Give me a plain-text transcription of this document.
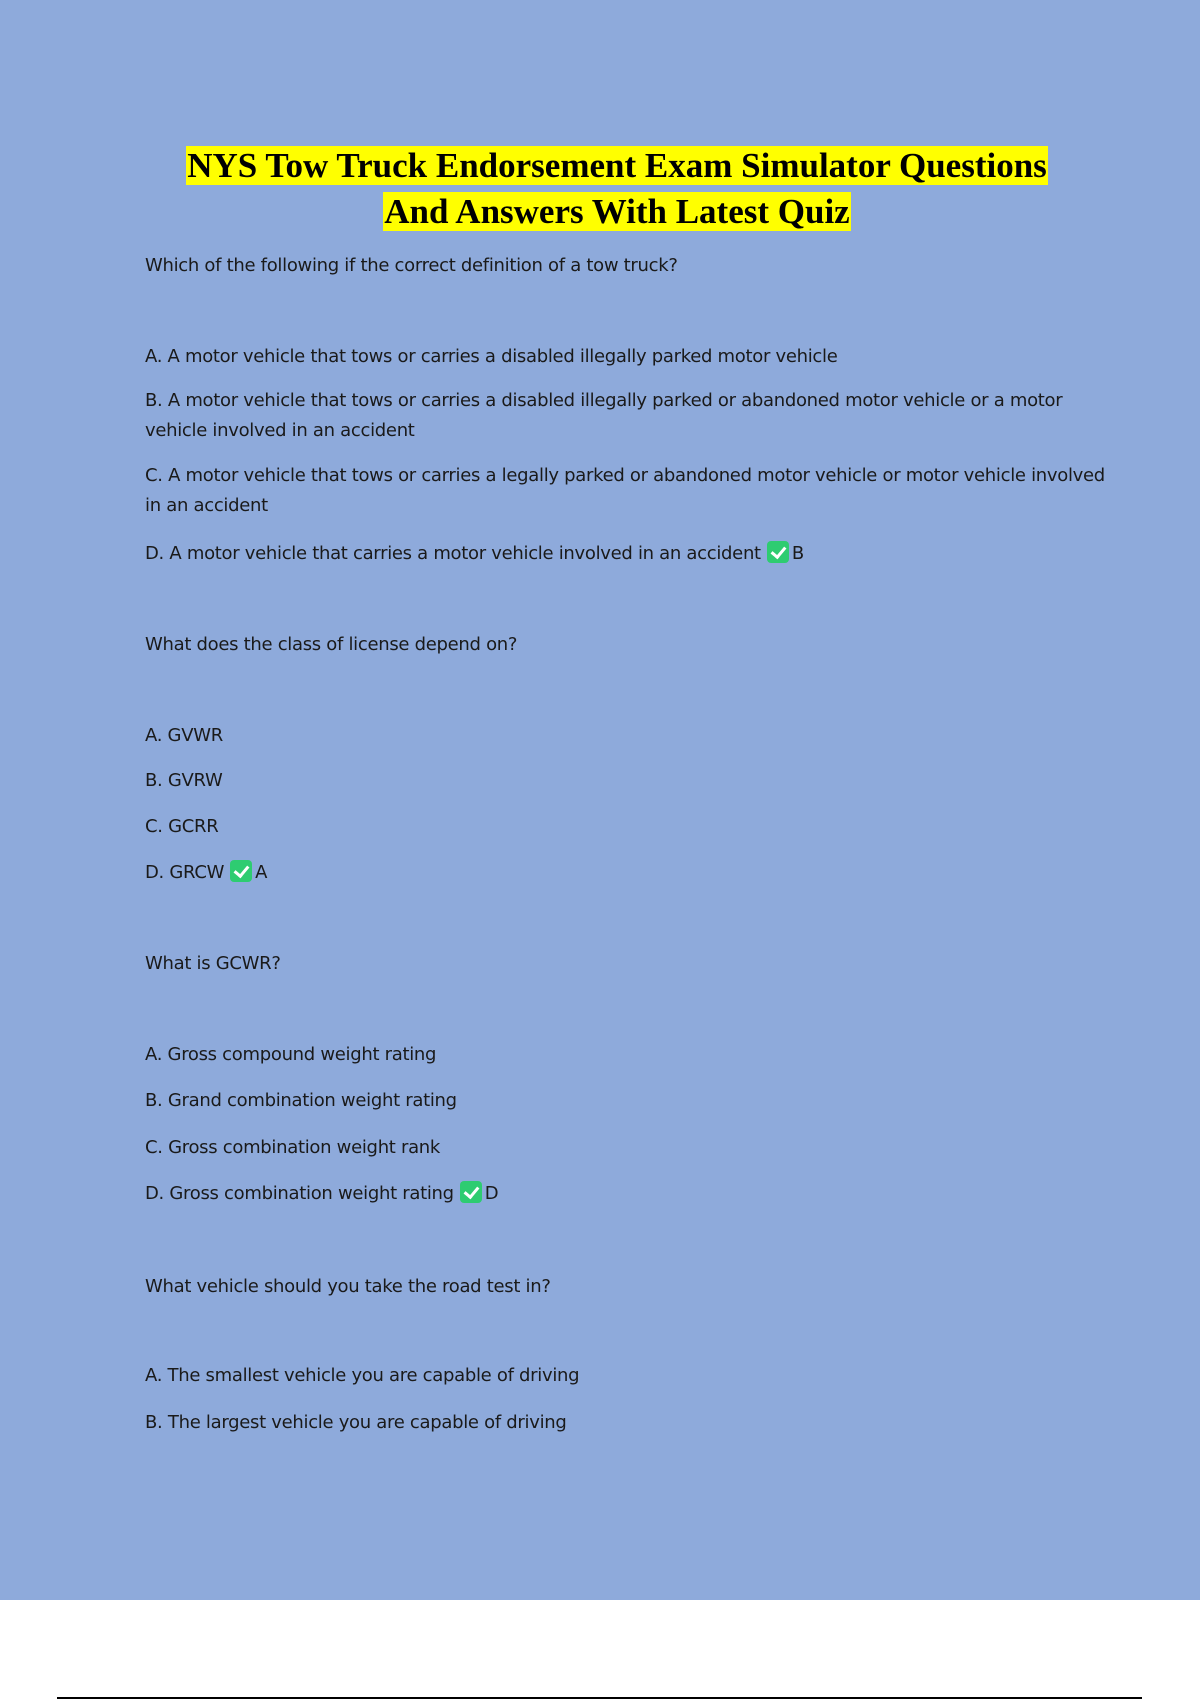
NYS Tow Truck Endorsement Exam Simulator Questions
And Answers With Latest Quiz
Which of the following if the correct definition of a tow truck?
A. A motor vehicle that tows or carries a disabled illegally parked motor vehicle
B. A motor vehicle that tows or carries a disabled illegally parked or abandoned motor vehicle or a motor vehicle involved in an accident
C. A motor vehicle that tows or carries a legally parked or abandoned motor vehicle or motor vehicle involved in an accident
D. A motor vehicle that carries a motor vehicle involved in an accident B
What does the class of license depend on?
A. GVWR
B. GVRW
C. GCRR
D. GRCW A
What is GCWR?
A. Gross compound weight rating
B. Grand combination weight rating
C. Gross combination weight rank
D. Gross combination weight rating D
What vehicle should you take the road test in?
A. The smallest vehicle you are capable of driving
B. The largest vehicle you are capable of driving
